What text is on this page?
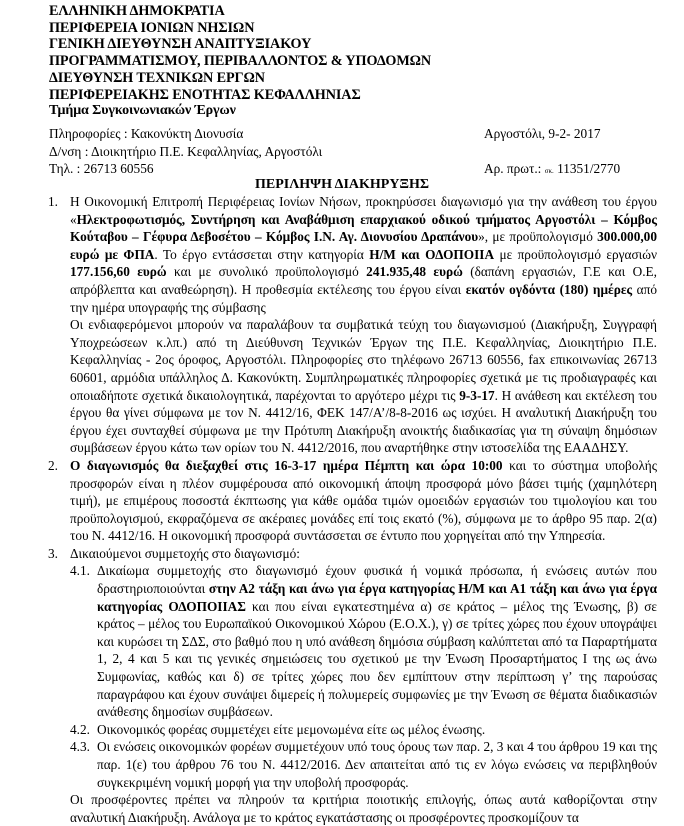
ΕΛΛΗΝΙΚΗ ΔΗΜΟΚΡΑΤΙΑ
ΠΕΡΙΦΕΡΕΙΑ ΙΟΝΙΩΝ ΝΗΣΙΩΝ
ΓΕΝΙΚΗ ΔΙΕΥΘΥΝΣΗ ΑΝΑΠΤΥΞΙΑΚΟΥ
ΠΡΟΓΡΑΜΜΑΤΙΣΜΟΥ, ΠΕΡΙΒΑΛΛΟΝΤΟΣ & ΥΠΟΔΟΜΩΝ
ΔΙΕΥΘΥΝΣΗ ΤΕΧΝΙΚΩΝ ΕΡΓΩΝ
ΠΕΡΙΦΕΡΕΙΑΚΗΣ ΕΝΟΤΗΤΑΣ ΚΕΦΑΛΛΗΝΙΑΣ
Τμήμα Συγκοινωνιακών Έργων
Πληροφορίες : Κακονύκτη Διονυσία	Αργοστόλι, 9-2- 2017
Δ/νση : Διοικητήριο Π.Ε. Κεφαλληνίας, Αργοστόλι
Τηλ. : 26713 60556	Αρ. πρωτ.: σκ. 11351/2770
ΠΕΡΙΛΗΨΗ ΔΙΑΚΗΡΥΞΗΣ
1. Η Οικονομική Επιτροπή Περιφέρειας Ιονίων Νήσων, προκηρύσσει διαγωνισμό για την ανάθεση του έργου «Ηλεκτροφωτισμός, Συντήρηση και Αναβάθμιση επαρχιακού οδικού τμήματος Αργοστόλι – Κόμβος Κούταβου – Γέφυρα Δεβοσέτου – Κόμβος Ι.Ν. Αγ. Διονυσίου Δραπάνου», με προϋπολογισμό 300.000,00 ευρώ με ΦΠΑ. Το έργο εντάσσεται στην κατηγορία Η/Μ και ΟΔΟΠΟΙΙΑ με προϋπολογισμό εργασιών 177.156,60 ευρώ και με συνολικό προϋπολογισμό 241.935,48 ευρώ (δαπάνη εργασιών, Γ.Ε και Ο.Ε, απρόβλεπτα και αναθεώρηση). Η προθεσμία εκτέλεσης του έργου είναι εκατόν ογδόντα (180) ημέρες από την ημέρα υπογραφής της σύμβασης

Οι ενδιαφερόμενοι μπορούν να παραλάβουν τα συμβατικά τεύχη του διαγωνισμού (Διακήρυξη, Συγγραφή Υποχρεώσεων κ.λπ.) από τη Διεύθυνση Τεχνικών Έργων της Π.Ε. Κεφαλληνίας, Διοικητήριο Π.Ε. Κεφαλληνίας - 2ος όροφος, Αργοστόλι. Πληροφορίες στο τηλέφωνο 26713 60556, fax επικοινωνίας 26713 60601, αρμόδια υπάλληλος Δ. Κακονύκτη. Συμπληρωματικές πληροφορίες σχετικά με τις προδιαγραφές και οποιαδήποτε σχετικά δικαιολογητικά, παρέχονται το αργότερο μέχρι τις 9-3-17. Η ανάθεση και εκτέλεση του έργου θα γίνει σύμφωνα με τον Ν. 4412/16, ΦΕΚ 147/Α’/8-8-2016 ως ισχύει. Η αναλυτική Διακήρυξη του έργου έχει συνταχθεί σύμφωνα με την Πρότυπη Διακήρυξη ανοικτής διαδικασίας για τη σύναψη δημόσιων συμβάσεων έργου κάτω των ορίων του Ν. 4412/2016, που αναρτήθηκε στην ιστοσελίδα της ΕΑΑΔΗΣΥ.

2. Ο διαγωνισμός θα διεξαχθεί στις 16-3-17 ημέρα Πέμπτη και ώρα 10:00 και το σύστημα υποβολής προσφορών είναι η πλέον συμφέρουσα από οικονομική άποψη προσφορά μόνο βάσει τιμής (χαμηλότερη τιμή), με επιμέρους ποσοστά έκπτωσης για κάθε ομάδα τιμών ομοειδών εργασιών του τιμολογίου και του προϋπολογισμού, εκφραζόμενα σε ακέραιες μονάδες επί τοις εκατό (%), σύμφωνα με το άρθρο 95 παρ. 2(α) του Ν. 4412/16. Η οικονομική προσφορά συντάσσεται σε έντυπο που χορηγείται από την Υπηρεσία.

3. Δικαιούμενοι συμμετοχής στο διαγωνισμό:

4.1. Δικαίωμα συμμετοχής στο διαγωνισμό έχουν φυσικά ή νομικά πρόσωπα, ή ενώσεις αυτών που δραστηριοποιούνται στην Α2 τάξη και άνω για έργα κατηγορίας Η/Μ και Α1 τάξη και άνω για έργα κατηγορίας ΟΔΟΠΟΙΙΑΣ και που είναι εγκατεστημένα α) σε κράτος – μέλος της Ένωσης, β) σε κράτος – μέλος του Ευρωπαϊκού Οικονομικού Χώρου (Ε.Ο.Χ.), γ) σε τρίτες χώρες που έχουν υπογράψει και κυρώσει τη ΣΔΣ, στο βαθμό που η υπό ανάθεση δημόσια σύμβαση καλύπτεται από τα Παραρτήματα 1, 2, 4 και 5 και τις γενικές σημειώσεις του σχετικού με την Ένωση Προσαρτήματος Ι της ως άνω Συμφωνίας, καθώς και δ) σε τρίτες χώρες που δεν εμπίπτουν στην περίπτωση γ’ της παρούσας παραγράφου και έχουν συνάψει διμερείς ή πολυμερείς συμφωνίες με την Ένωση σε θέματα διαδικασιών ανάθεσης δημοσίων συμβάσεων.

4.2. Οικονομικός φορέας συμμετέχει είτε μεμονωμένα είτε ως μέλος ένωσης.

4.3. Οι ενώσεις οικονομικών φορέων συμμετέχουν υπό τους όρους των παρ. 2, 3 και 4 του άρθρου 19 και της παρ. 1(ε) του άρθρου 76 του Ν. 4412/2016. Δεν απαιτείται από τις εν λόγω ενώσεις να περιβληθούν συγκεκριμένη νομική μορφή για την υποβολή προσφοράς.

Οι προσφέροντες πρέπει να πληρούν τα κριτήρια ποιοτικής επιλογής, όπως αυτά καθορίζονται στην αναλυτική Διακήρυξη. Ανάλογα με το κράτος εγκατάστασης οι προσφέροντες προσκομίζουν τα
